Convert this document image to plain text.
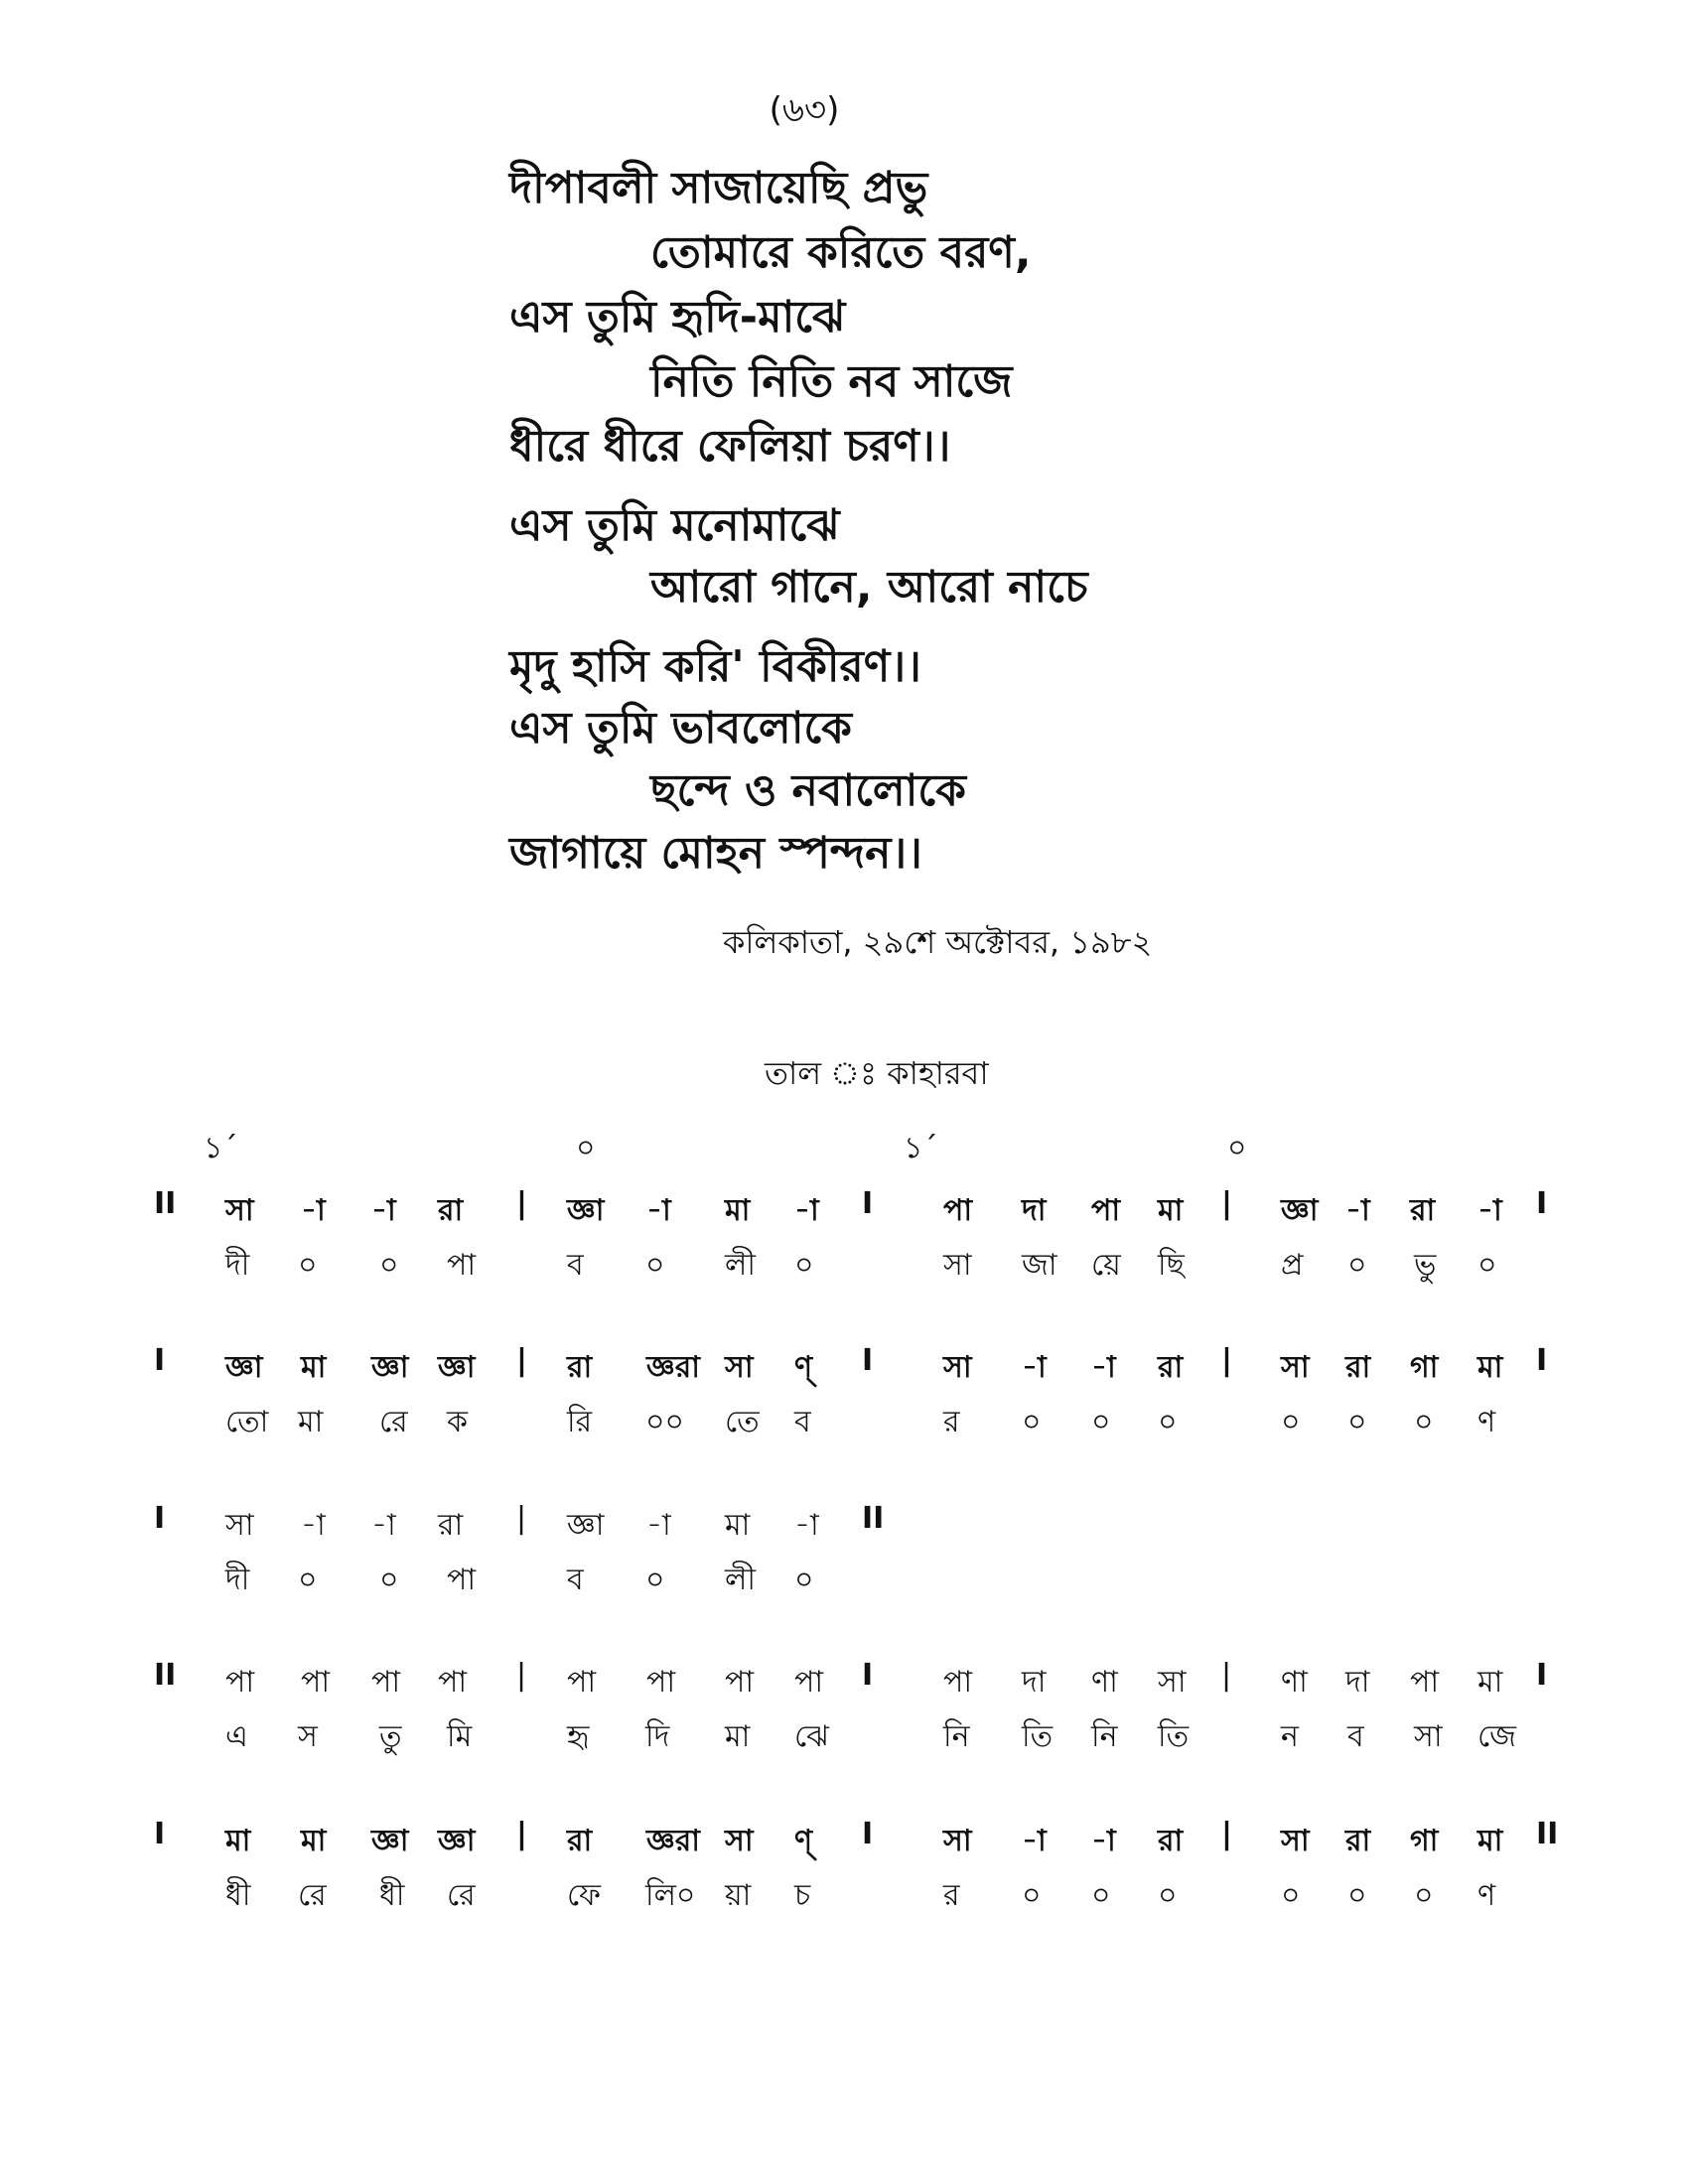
(৬৩)
দীপাবলী সাজায়েছি প্রভু
তোমারে করিতে বরণ,
এস তুমি হৃদি-মাঝে
নিতি নিতি নব সাজে
ধীরে ধীরে ফেলিয়া চরণ।।
এস তুমি মনোমাঝে
আরো গানে, আরো নাচে
মৃদু হাসি করি' বিকীরণ।।
এস তুমি ভাবলোকে
ছন্দে ও নবালোকে
জাগায়ে মোহন স্পন্দন।।
কলিকাতা, ২৯শে অক্টোবর, ১৯৮২
তাল ঃ কাহারবা
১´	০	১´	০
II সা -া -া রা | জ্ঞা -া মা -া I পা দা পা মা | জ্ঞা -া রা -া I
দী ০ ০ পা	ব ০ লী ০	সা জা য়ে ছি	প্র ০ ভু ০
I জ্ঞা মা জ্ঞা জ্ঞা | রা জ্ঞরা সা ণ্ I সা -া -া রা | সা রা গা মা I
তো মা রে ক	রি ০০ তে ব	র ০ ০ ০	০ ০ ০ ণ
I সা -া -া রা | জ্ঞা -া মা -া II
দী ০ ০ পা	ব ০ লী ০
II পা পা পা পা | পা পা পা পা I পা দা ণা সা | ণা দা পা মা I
এ স তু মি	হৃ দি মা ঝে	নি তি নি তি	ন ব সা জে
I মা মা জ্ঞা জ্ঞা | রা জ্ঞরা সা ণ্ I সা -া -া রা | সা রা গা মা II
ধী রে ধী রে	ফে লি০ য়া চ	র ০ ০ ০	০ ০ ০ ণ
